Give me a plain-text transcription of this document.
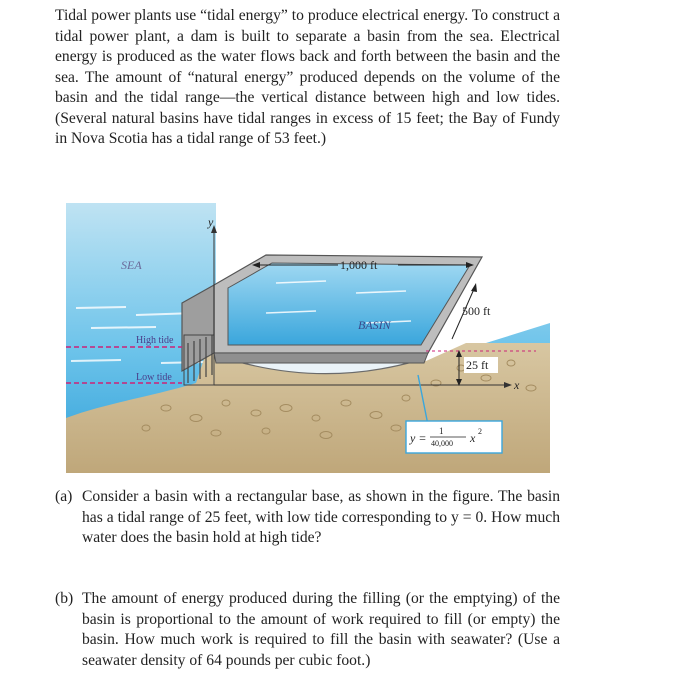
Tidal power plants use “tidal energy” to produce electrical energy. To construct a tidal power plant, a dam is built to separate a basin from the sea. Electrical energy is produced as the water flows back and forth between the basin and the sea. The amount of “natural energy” produced depends on the volume of the basin and the tidal range—the vertical distance between high and low tides. (Several natural basins have tidal ranges in excess of 15 feet; the Bay of Fundy in Nova Scotia has a tidal range of 53 feet.)

y
x
High tide
Low tide
SEA
BASIN
1,000 ft
500 ft
25 ft
y = 1
40,000 x 2
(a) Consider a basin with a rectangular base, as shown in the figure. The basin has a tidal range of 25 feet, with low tide corresponding to y = 0. How much water does the basin hold at high tide?
(b) The amount of energy produced during the filling (or the emptying) of the basin is proportional to the amount of work required to fill (or empty) the basin. How much work is required to fill the basin with seawater? (Use a seawater density of 64 pounds per cubic foot.)
